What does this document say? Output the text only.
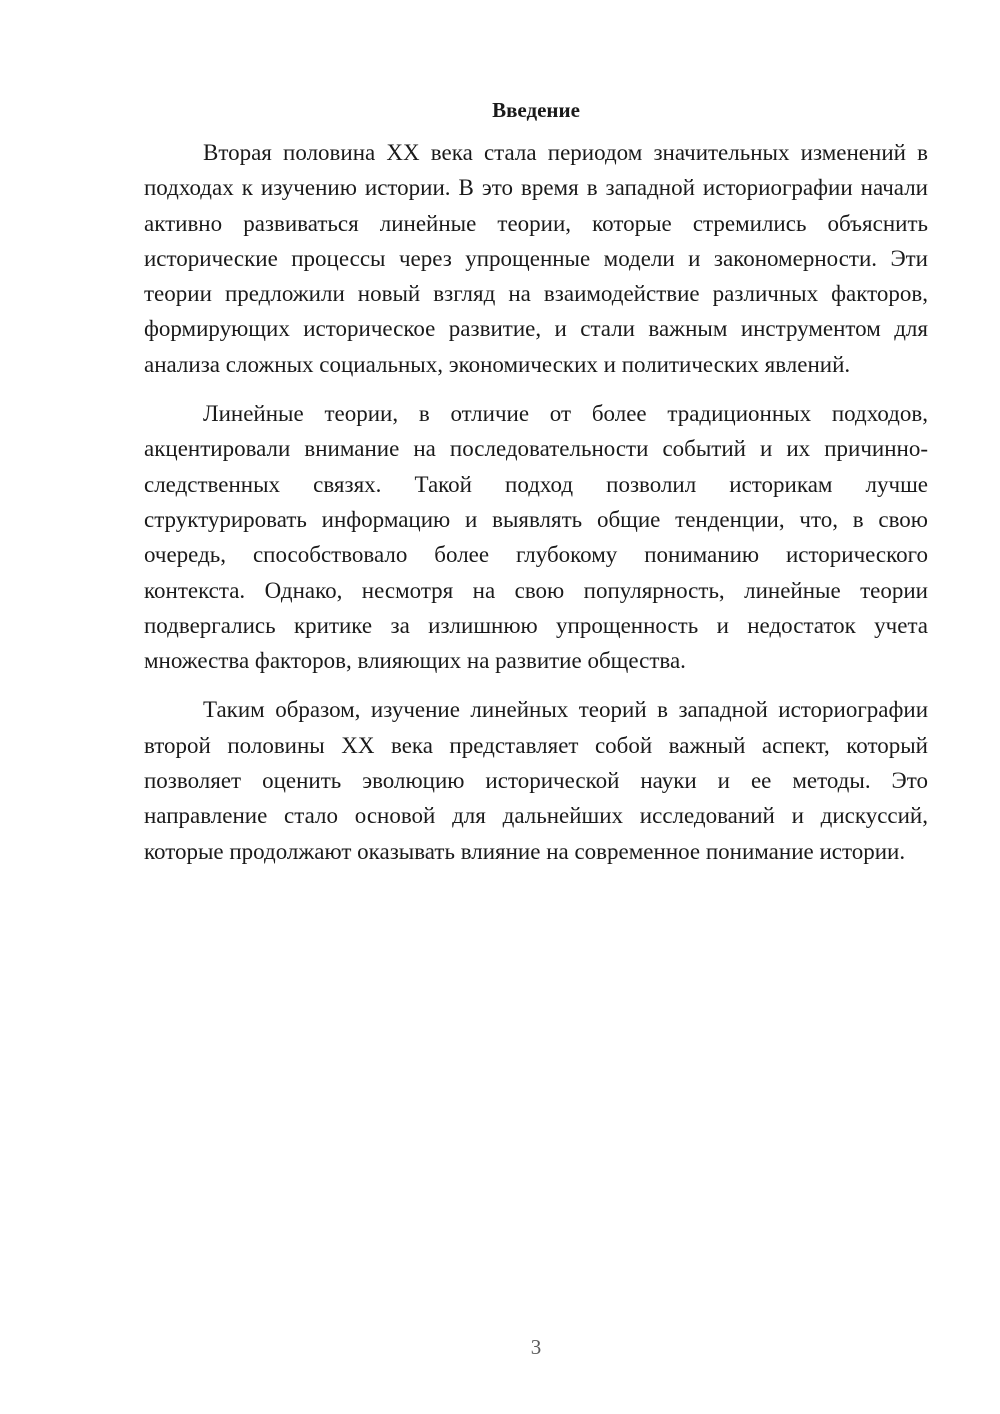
Введение

Вторая половина XX века стала периодом значительных изменений в подходах к изучению истории. В это время в западной историографии начали активно развиваться линейные теории, которые стремились объяснить исторические процессы через упрощенные модели и закономерности. Эти теории предложили новый взгляд на взаимодействие различных факторов, формирующих историческое развитие, и стали важным инструментом для анализа сложных социальных, экономических и политических явлений.

Линейные теории, в отличие от более традиционных подходов, акцентировали внимание на последовательности событий и их причинно-следственных связях. Такой подход позволил историкам лучше структурировать информацию и выявлять общие тенденции, что, в свою очередь, способствовало более глубокому пониманию исторического контекста. Однако, несмотря на свою популярность, линейные теории подвергались критике за излишнюю упрощенность и недостаток учета множества факторов, влияющих на развитие общества.

Таким образом, изучение линейных теорий в западной историографии второй половины XX века представляет собой важный аспект, который позволяет оценить эволюцию исторической науки и ее методы. Это направление стало основой для дальнейших исследований и дискуссий, которые продолжают оказывать влияние на современное понимание истории.

3
